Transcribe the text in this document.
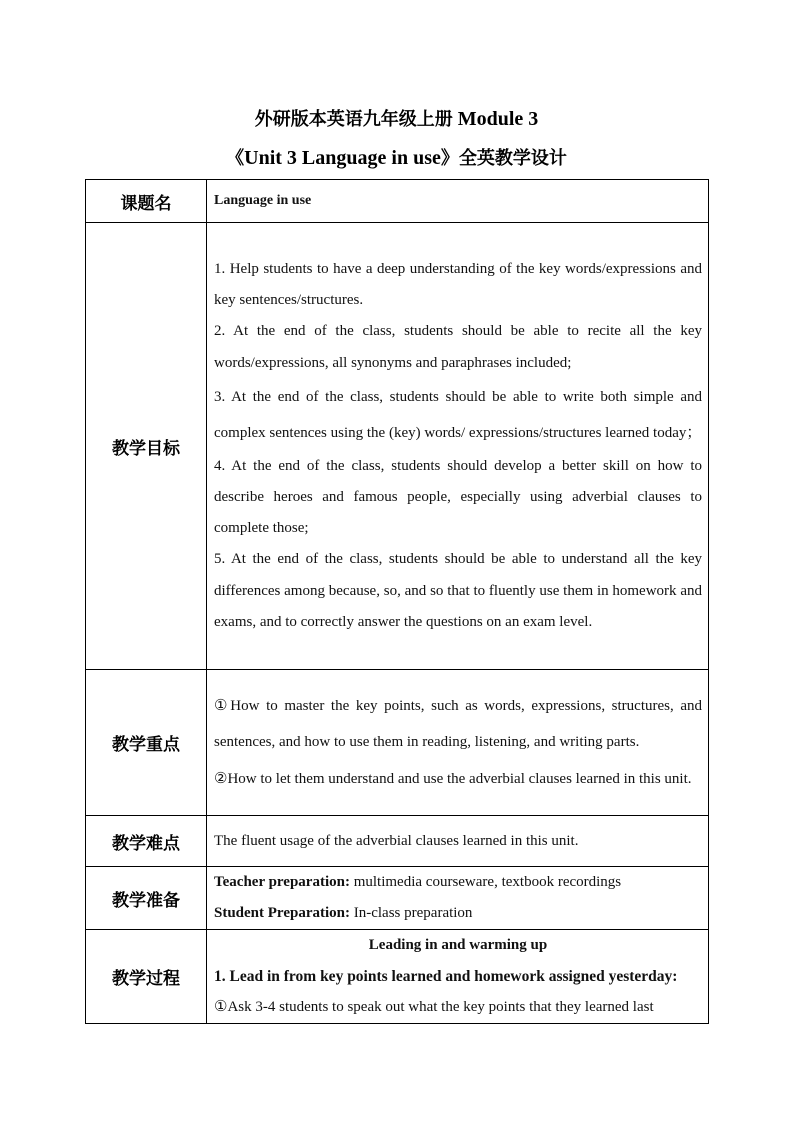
外研版本英语九年级上册 Module 3
《Unit 3 Language in use》全英教学设计
课题名	Language in use
教学目标	1. Help students to have a deep understanding of the key words/expressions and key sentences/structures.

2. At the end of the class, students should be able to recite all the key words/expressions, all synonyms and paraphrases included;

3. At the end of the class, students should be able to write both simple and complex sentences using the (key) words/ expressions/structures learned today；

4. At the end of the class, students should develop a better skill on how to describe heroes and famous people, especially using adverbial clauses to complete those;

5. At the end of the class, students should be able to understand all the key differences among because, so, and so that to fluently use them in homework and exams, and to correctly answer the questions on an exam level.

教学重点	①How to master the key points, such as words, expressions, structures, and sentences, and how to use them in reading, listening, and writing parts.

②How to let them understand and use the adverbial clauses learned in this unit.

教学难点	The fluent usage of the adverbial clauses learned in this unit.
教学准备	Teacher preparation: multimedia courseware, textbook recordings

Student Preparation: In-class preparation

教学过程	Leading in and warming up

1. Lead in from key points learned and homework assigned yesterday:

①Ask 3-4 students to speak out what the key points that they learned last
